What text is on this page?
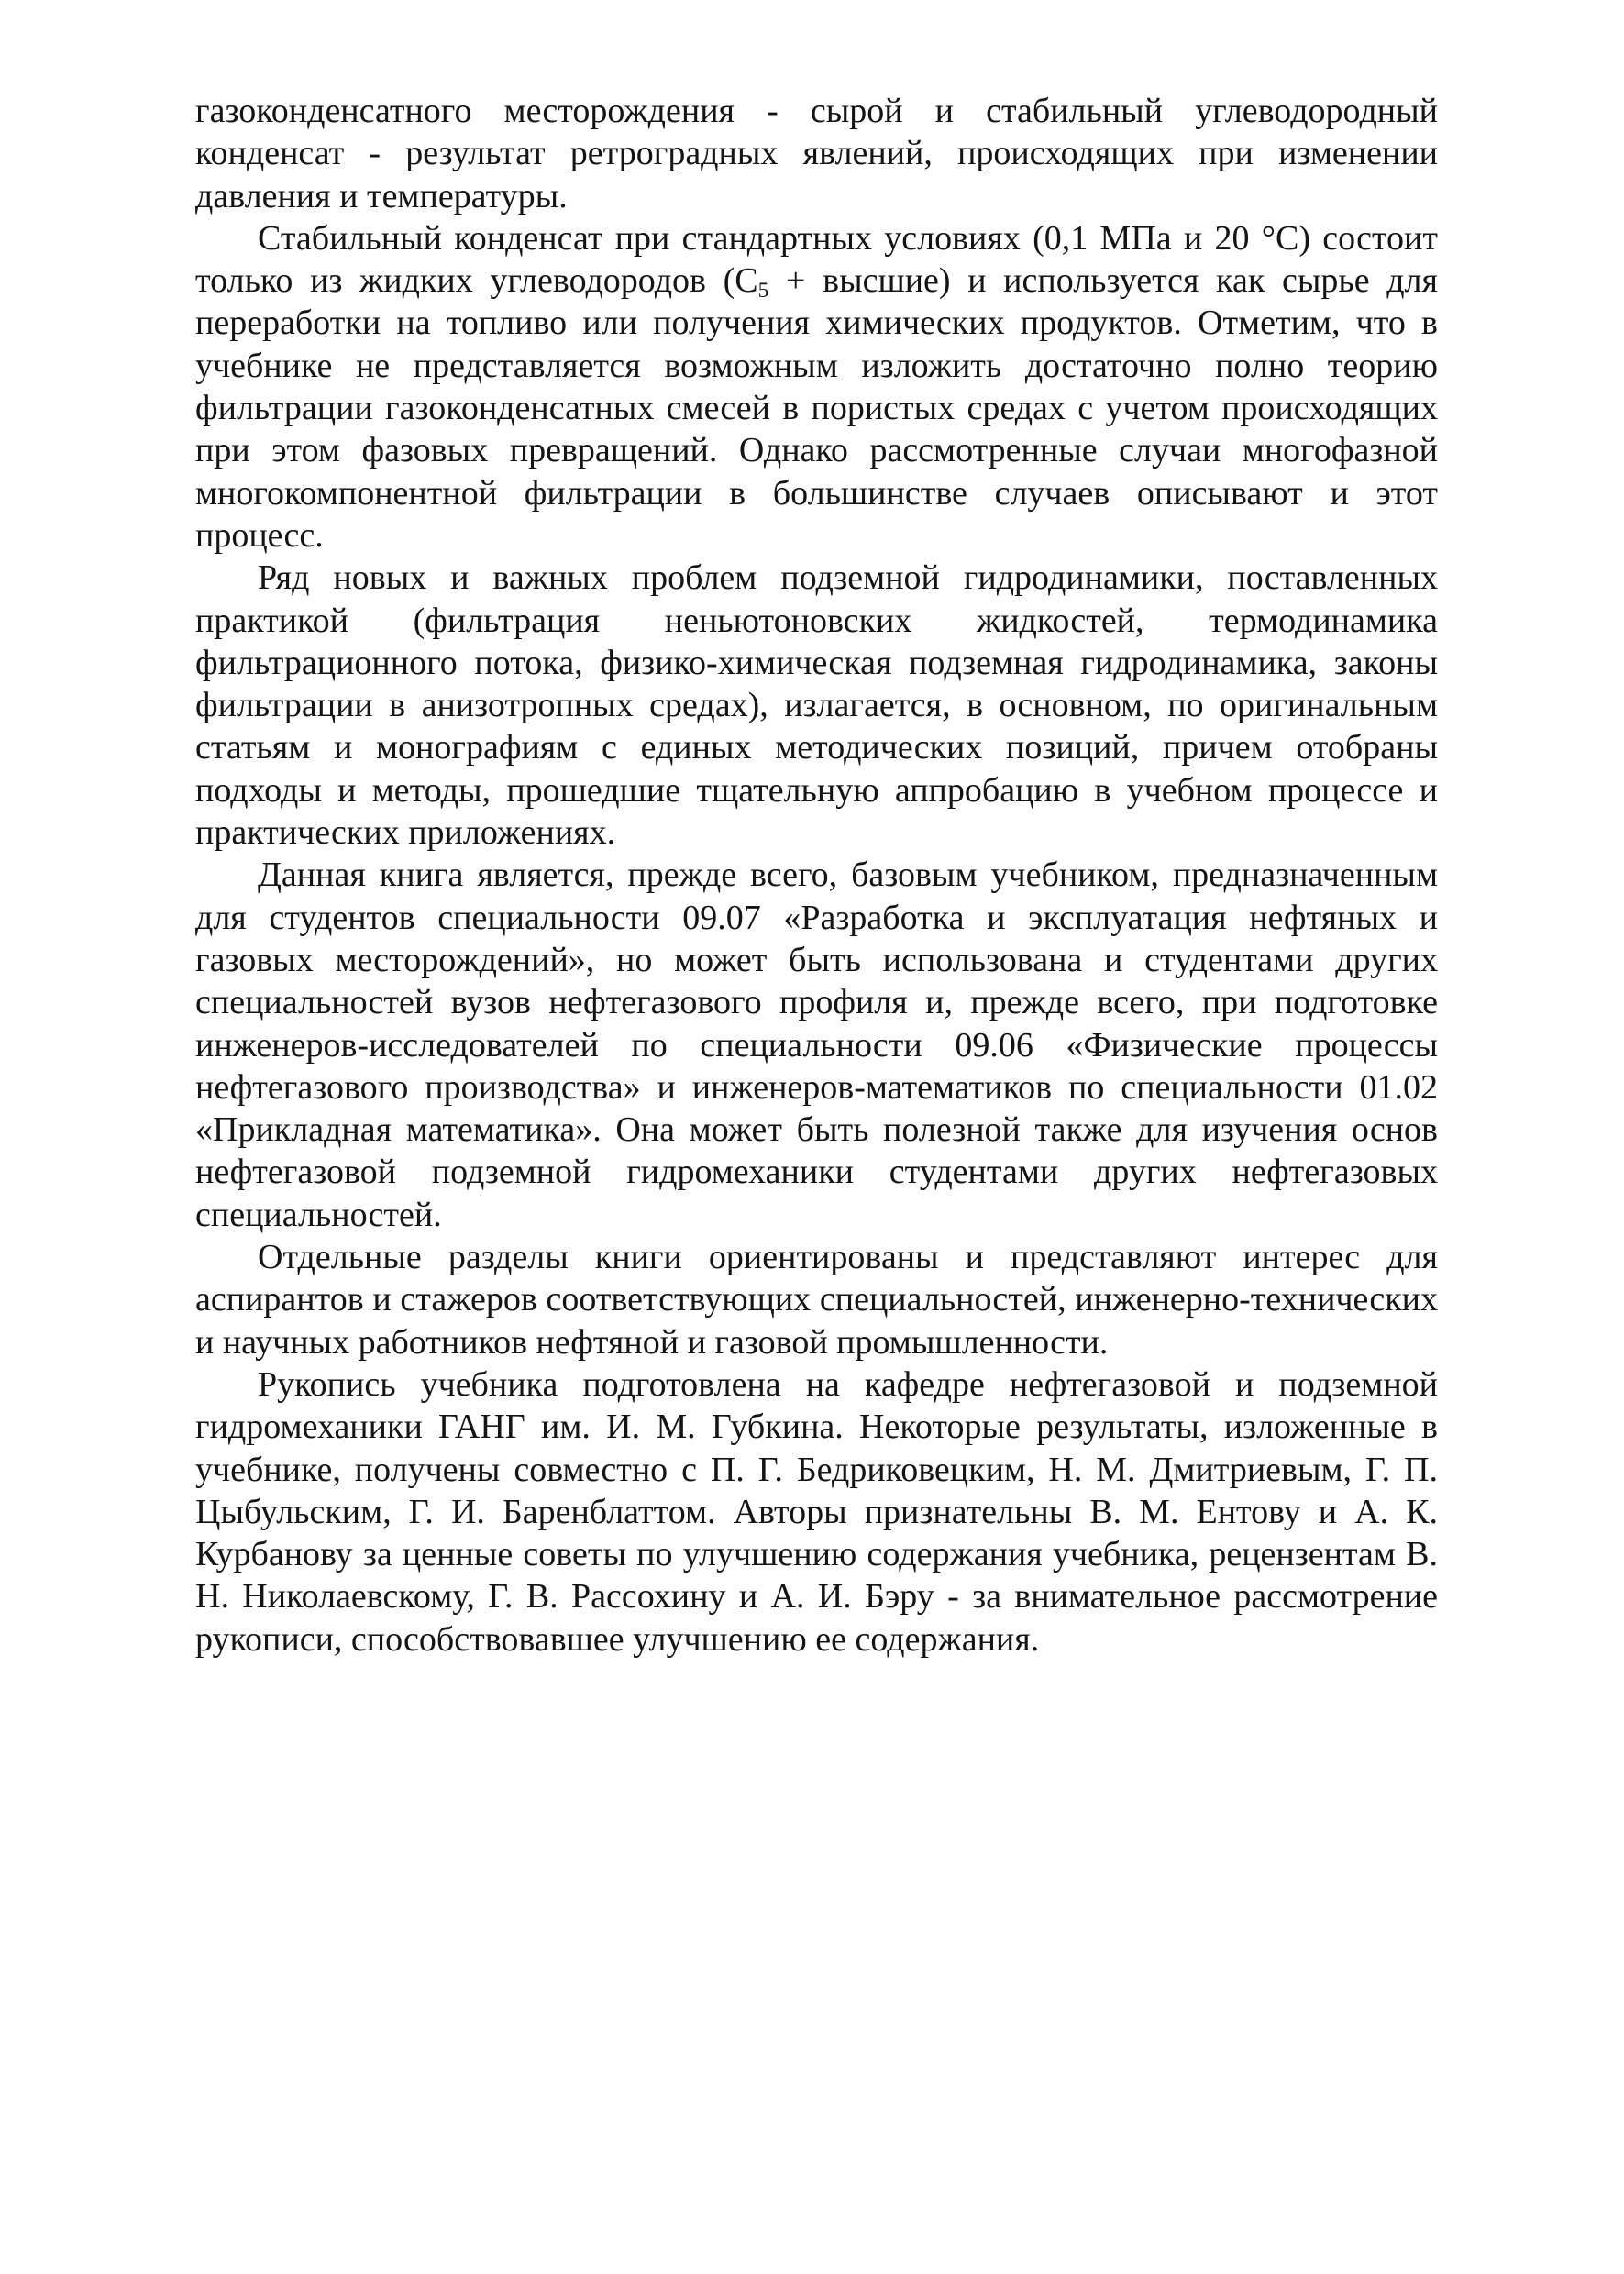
газоконденсатного месторождения - сырой и стабильный углеводородный конденсат - результат ретроградных явлений, происходящих при изменении давления и температуры.

Стабильный конденсат при стандартных условиях (0,1 МПа и 20 °С) состоит только из жидких углеводородов ($С_5$ + высшие) и используется как сырье для переработки на топливо или получения химических продуктов. Отметим, что в учебнике не представляется возможным изложить достаточно полно теорию фильтрации газоконденсатных смесей в пористых средах с учетом происходящих при этом фазовых превращений. Однако рассмотренные случаи многофазной многокомпонентной фильтрации в большинстве случаев описывают и этот процесс.

Ряд новых и важных проблем подземной гидродинамики, поставленных практикой (фильтрация неньютоновских жидкостей, термодинамика фильтрационного потока, физико-химическая подземная гидродинамика, законы фильтрации в анизотропных средах), излагается, в основном, по оригинальным статьям и монографиям с единых методических позиций, причем отобраны подходы и методы, прошедшие тщательную аппробацию в учебном процессе и практических приложениях.

Данная книга является, прежде всего, базовым учебником, предназначенным для студентов специальности 09.07 «Разработка и эксплуатация нефтяных и газовых месторождений», но может быть использована и студентами других специальностей вузов нефтегазового профиля и, прежде всего, при подготовке инженеров-исследователей по специальности 09.06 «Физические процессы нефтегазового производства» и инженеров-математиков по специальности 01.02 «Прикладная математика». Она может быть полезной также для изучения основ нефтегазовой подземной гидромеханики студентами других нефтегазовых специальностей.

Отдельные разделы книги ориентированы и представляют интерес для аспирантов и стажеров соответствующих специальностей, инженерно-технических и научных работников нефтяной и газовой промышленности.

Рукопись учебника подготовлена на кафедре нефтегазовой и подземной гидромеханики ГАНГ им. И. М. Губкина. Некоторые результаты, изложенные в учебнике, получены совместно с П. Г. Бедриковецким, Н. М. Дмитриевым, Г. П. Цыбульским, Г. И. Баренблаттом. Авторы признательны В. М. Ентову и А. К. Курбанову за ценные советы по улучшению содержания учебника, рецензентам В. Н. Николаевскому, Г. В. Рассохину и А. И. Бэру - за внимательное рассмотрение рукописи, способствовавшее улучшению ее содержания.
